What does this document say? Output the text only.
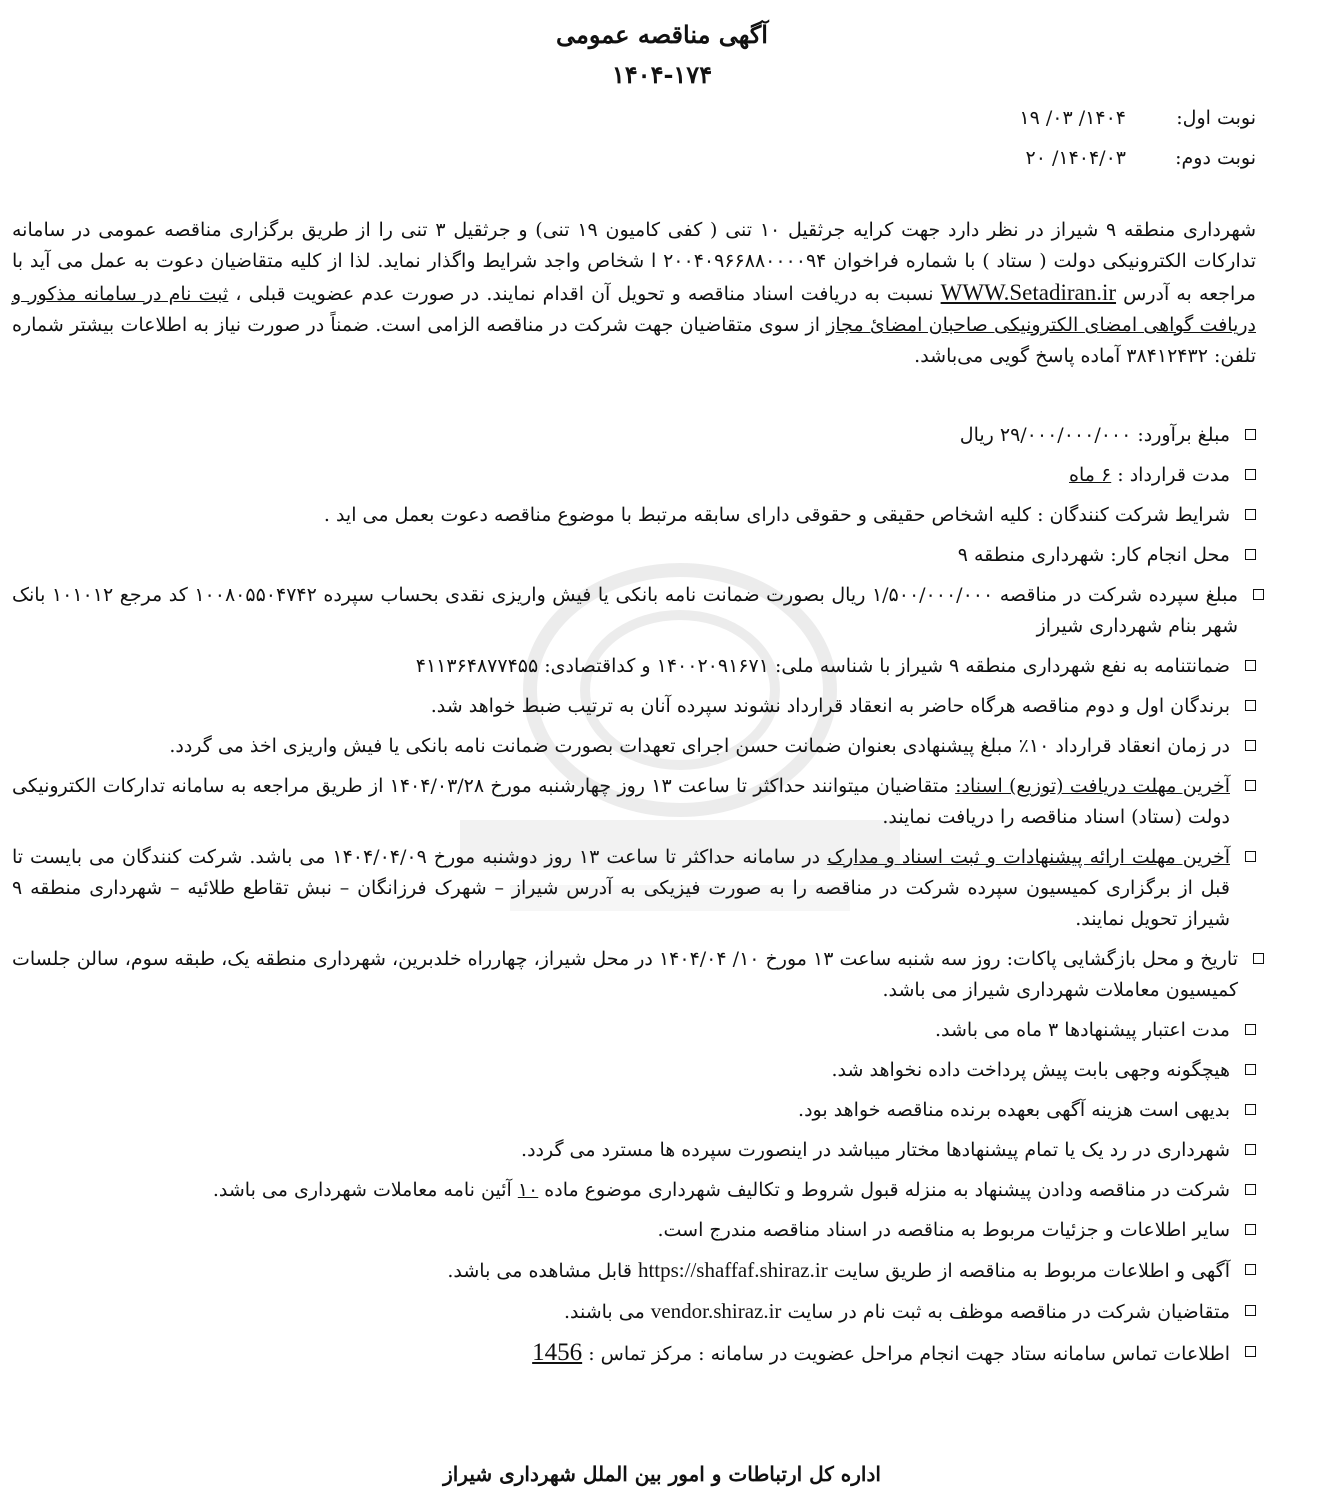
آگهی مناقصه عمومی
۱۴۰۴-۱۷۴
نوبت اول:
۱۴۰۴/ ۰۳/ ۱۹
نوبت دوم:
۱۴۰۴/۰۳/ ۲۰
شهرداری منطقه ۹ شیراز در نظر دارد جهت کرایه جرثقیل ۱۰ تنی ( کفی کامیون ۱۹ تنی) و جرثقیل ۳ تنی را از طریق برگزاری مناقصه عمومی در سامانه تدارکات الکترونیکی دولت ( ستاد ) با شماره فراخوان ۲۰۰۴۰۹۶۶۸۸۰۰۰۰۹۴ ا شخاص واجد شرایط واگذار نماید. لذا از کلیه متقاضیان دعوت به عمل می آید با مراجعه به آدرس WWW.Setadiran.ir نسبت به دریافت اسناد مناقصه و تحویل آن اقدام نمایند. در صورت عدم عضویت قبلی ، ثبت نام در سامانه مذکور و دریافت گواهی امضای الکترونیکی صاحبان امضائ مجاز از سوی متقاضیان جهت شرکت در مناقصه الزامی است. ضمناً در صورت نیاز به اطلاعات بیشتر شماره تلفن: ۳۸۴۱۲۴۳۲ آماده پاسخ گویی می‌باشد.
مبلغ برآورد: ۲۹/۰۰۰/۰۰۰/۰۰۰ ریال
مدت قرارداد : ۶ ماه
شرایط شرکت کنندگان : کلیه اشخاص حقیقی و حقوقی دارای سابقه مرتبط با موضوع مناقصه دعوت بعمل می اید .
محل انجام کار: شهرداری منطقه ۹
مبلغ سپرده شرکت در مناقصه ۱/۵۰۰/۰۰۰/۰۰۰ ریال بصورت ضمانت نامه بانکی یا فیش واریزی نقدی بحساب سپرده ۱۰۰۸۰۵۵۰۴۷۴۲ کد مرجع ۱۰۱۰۱۲ بانک شهر بنام شهرداری شیراز
ضمانتنامه به نفع شهرداری منطقه ۹ شیراز با شناسه ملی: ۱۴۰۰۲۰۹۱۶۷۱ و کداقتصادی: ۴۱۱۳۶۴۸۷۷۴۵۵
برندگان اول و دوم مناقصه هرگاه حاضر به انعقاد قرارداد نشوند سپرده آنان به ترتیب ضبط خواهد شد.
در زمان انعقاد قرارداد ۱۰٪ مبلغ پیشنهادی بعنوان ضمانت حسن اجرای تعهدات بصورت ضمانت نامه بانکی یا فیش واریزی اخذ می گردد.
آخرین مهلت دریافت (توزیع) اسناد: متقاضیان میتوانند حداکثر تا ساعت ۱۳ روز چهارشنبه مورخ ۱۴۰۴/۰۳/۲۸ از طریق مراجعه به سامانه تدارکات الکترونیکی دولت (ستاد) اسناد مناقصه را دریافت نمایند.
آخرین مهلت ارائه پیشنهادات و ثبت اسناد و مدارک در سامانه حداکثر تا ساعت ۱۳ روز دوشنبه مورخ ۱۴۰۴/۰۴/۰۹ می باشد. شرکت کنندگان می بایست تا قبل از برگزاری کمیسیون سپرده شرکت در مناقصه را به صورت فیزیکی به آدرس شیراز – شهرک فرزانگان – نبش تقاطع طلائیه – شهرداری منطقه ۹ شیراز تحویل نمایند.
تاریخ و محل بازگشایی پاکات: روز سه شنبه ساعت ۱۳ مورخ ۱۰/ ۱۴۰۴/۰۴ در محل شیراز، چهارراه خلدبرین، شهرداری منطقه یک، طبقه سوم، سالن جلسات کمیسیون معاملات شهرداری شیراز می باشد.
مدت اعتبار پیشنهادها ۳ ماه می باشد.
هیچگونه وجهی بابت پیش پرداخت داده نخواهد شد.
بدیهی است هزینه آگهی بعهده برنده مناقصه خواهد بود.
شهرداری در رد یک یا تمام پیشنهادها مختار میباشد در اینصورت سپرده ها مسترد می گردد.
شرکت در مناقصه ودادن پیشنهاد به منزله قبول شروط و تکالیف شهرداری موضوع ماده ۱۰ آئین نامه معاملات شهرداری می باشد.
سایر اطلاعات و جزئیات مربوط به مناقصه در اسناد مناقصه مندرج است.
آگهی و اطلاعات مربوط به مناقصه از طریق سایت https://shaffaf.shiraz.ir قابل مشاهده می باشد.
متقاضیان شرکت در مناقصه موظف به ثبت نام در سایت vendor.shiraz.ir می باشند.
اطلاعات تماس سامانه ستاد جهت انجام مراحل عضویت در سامانه : مرکز تماس : 1456
اداره کل ارتباطات و امور بین الملل شهرداری شیراز
